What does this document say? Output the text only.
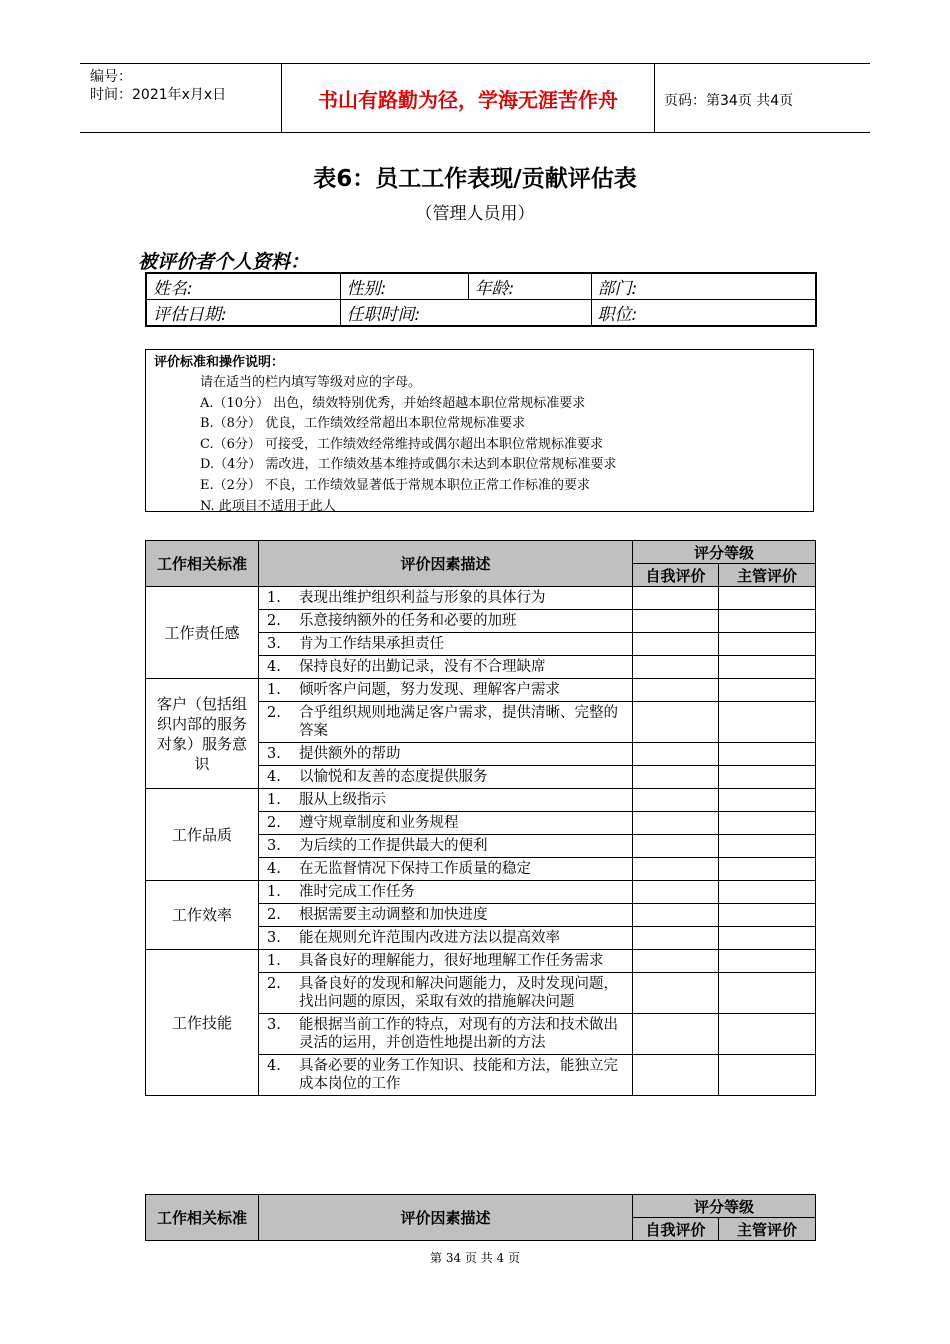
编号：
时间：2021年x月x日	书山有路勤为径，学海无涯苦作舟	页码：第34页 共4页
表6：员工工作表现/贡献评估表
（管理人员用）
被评价者个人资料：
姓名:	性别:	年龄:	部门:
评估日期:	任职时间:		职位:
评价标准和操作说明：
请在适当的栏内填写等级对应的字母。
A.（10分） 出色，绩效特别优秀，并始终超越本职位常规标准要求
B.（8分） 优良，工作绩效经常超出本职位常规标准要求
C.（6分） 可接受，工作绩效经常维持或偶尔超出本职位常规标准要求
D.（4分） 需改进，工作绩效基本维持或偶尔未达到本职位常规标准要求
E.（2分） 不良，工作绩效显著低于常规本职位正常工作标准的要求
N. 此项目不适用于此人
工作相关标准	评价因素描述	评分等级	
		自我评价	主管评价
工作责任感	1. 表现出维护组织利益与形象的具体行为		

	2. 乐意接纳额外的任务和必要的加班		

	3. 肯为工作结果承担责任		

	4. 保持良好的出勤记录，没有不合理缺席		
客户（包括组织内部的服务对象）服务意识	1. 倾听客户问题，努力发现、理解客户需求		

	2. 合乎组织规则地满足客户需求，提供清晰、完整的答案		

	3. 提供额外的帮助		

	4. 以愉悦和友善的态度提供服务		
工作品质	1. 服从上级指示		

	2. 遵守规章制度和业务规程		

	3. 为后续的工作提供最大的便利		

	4. 在无监督情况下保持工作质量的稳定		
工作效率	1. 准时完成工作任务		

	2. 根据需要主动调整和加快进度		

	3. 能在规则允许范围内改进方法以提高效率		
工作技能	1. 具备良好的理解能力，很好地理解工作任务需求		

	2. 具备良好的发现和解决问题能力，及时发现问题，找出问题的原因，采取有效的措施解决问题		

	3. 能根据当前工作的特点，对现有的方法和技术做出灵活的运用，并创造性地提出新的方法		

	4. 具备必要的业务工作知识、技能和方法，能独立完成本岗位的工作		
工作相关标准	评价因素描述	评分等级	
		自我评价	主管评价
第 34 页 共 4 页
